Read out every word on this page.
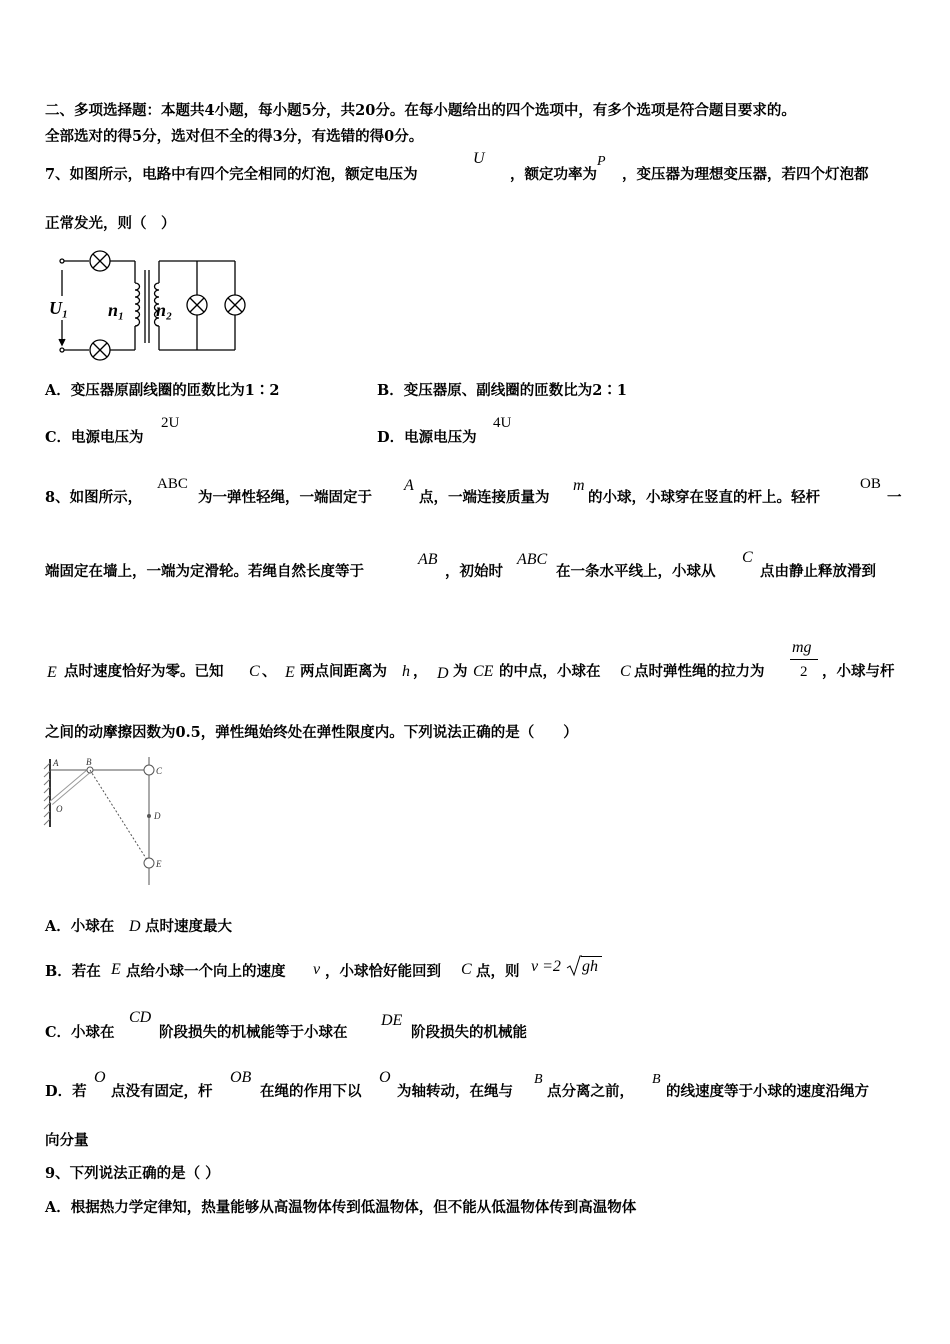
二、多项选择题：本题共4小题，每小题5分，共20分。在每小题给出的四个选项中，有多个选项是符合题目要求的。
全部选对的得5分，选对但不全的得3分，有选错的得0分。
7、如图所示，电路中有四个完全相同的灯泡，额定电压为
U
，额定功率为
P
，变压器为理想变压器，若四个灯泡都
正常发光，则（　）
U₁ n₁ n₂
A．变压器原副线圈的匝数比为1∶2	B．变压器原、副线圈的匝数比为2∶1
C．电源电压为
2U
D．电源电压为
4U
8、如图所示，
ABC
为一弹性轻绳，一端固定于
A
点，一端连接质量为
m
的小球，小球穿在竖直的杆上。轻杆
OB
一
端固定在墙上，一端为定滑轮。若绳自然长度等于
AB
，初始时
ABC
在一条水平线上，小球从
C
点由静止释放滑到
E 点时速度恰好为零。已知 C 、 E 两点间距离为 h ， D 为 CE 的中点，小球在 C 点时弹性绳的拉力为
mg
2 ，小球与杆
之间的动摩擦因数为0.5，弹性绳始终处在弹性限度内。下列说法正确的是（　　）
A	B
C
D
E
O
A．小球在 D 点时速度最大
B．若在 E 点给小球一个向上的速度 v ，小球恰好能回到 C 点，则 v =2 gh
C．小球在
CD
阶段损失的机械能等于小球在
DE
阶段损失的机械能
D．若
O
点没有固定，杆
OB
在绳的作用下以
O
为轴转动，在绳与
B
点分离之前，
B
的线速度等于小球的速度沿绳方
向分量
9、下列说法正确的是（ ）
A．根据热力学定律知，热量能够从高温物体传到低温物体，但不能从低温物体传到高温物体
